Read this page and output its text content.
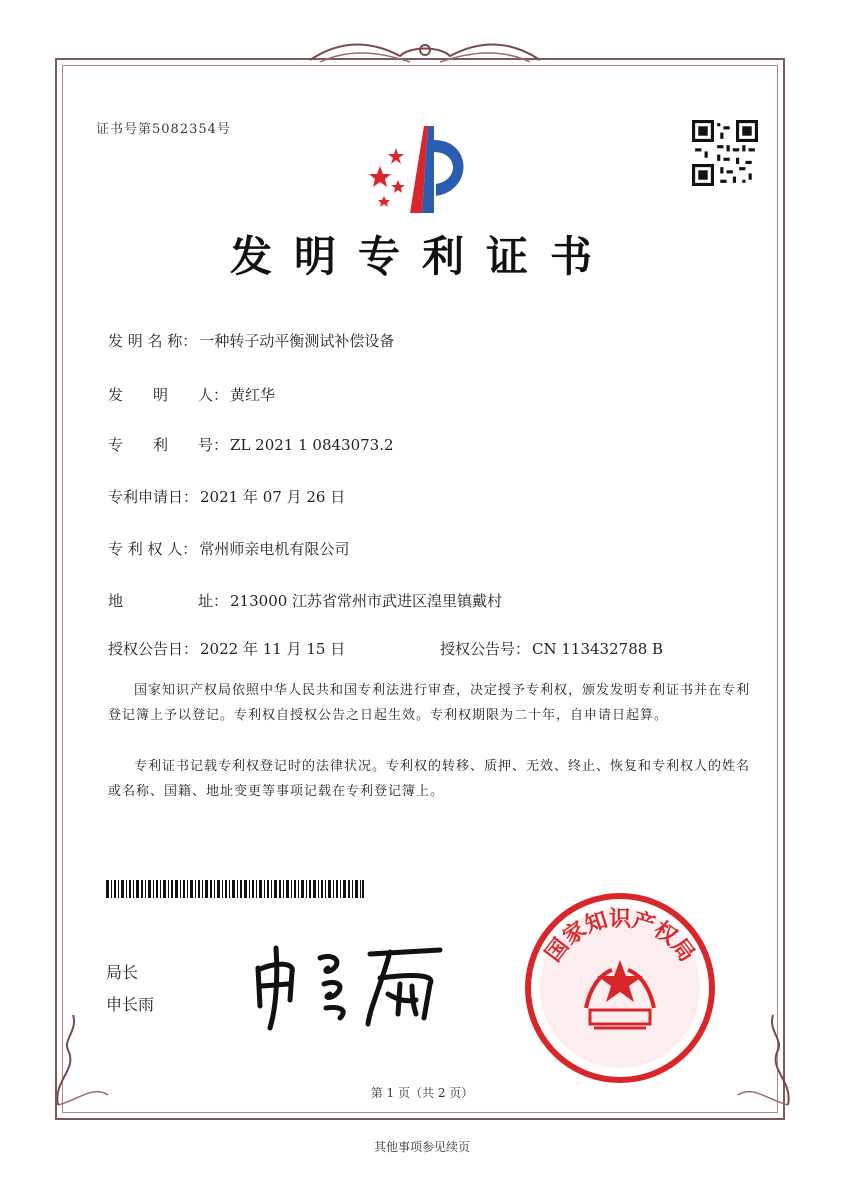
证书号第5082354号
发明专利证书
发 明 名 称： 一种转子动平衡测试补偿设备
发　　明　　人： 黄红华
专　　利　　号： ZL 2021 1 0843073.2
专利申请日： 2021 年 07 月 26 日
专 利 权 人： 常州师亲电机有限公司
地　　　　　址： 213000 江苏省常州市武进区湟里镇戴村
授权公告日： 2022 年 11 月 15 日	授权公告号： CN 113432788 B
国家知识产权局依照中华人民共和国专利法进行审查，决定授予专利权，颁发发明专利证书并在专利登记簿上予以登记。专利权自授权公告之日起生效。专利权期限为二十年，自申请日起算。
专利证书记载专利权登记时的法律状况。专利权的转移、质押、无效、终止、恢复和专利权人的姓名或名称、国籍、地址变更等事项记载在专利登记簿上。
局长
申长雨
国家知识产权局
第 1 页（共 2 页）
其他事项参见续页
